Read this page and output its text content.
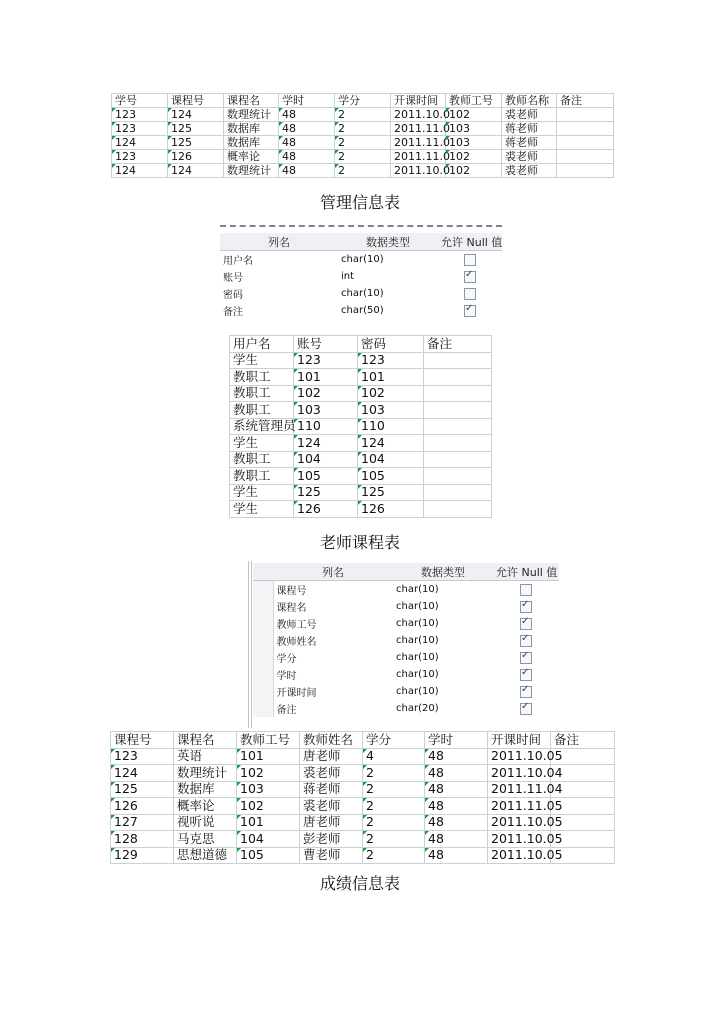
学号	课程号	课程名	学时	学分	开课时间	教师工号	教师名称	备注
123	124	数理统计	48	2	2011.10.0	102	裘老师	
123	125	数据库	48	2	2011.11.0	103	蒋老师	
124	125	数据库	48	2	2011.11.0	103	蒋老师	
123	126	概率论	48	2	2011.11.0	102	裘老师	
124	124	数理统计	48	2	2011.10.0	102	裘老师	
管理信息表
列名	数据类型	允许 Null 值
用户名	char(10)	
账号	int	✓
密码	char(10)	
备注	char(50)	✓
用户名	账号	密码	备注
学生	123	123	
教职工	101	101	
教职工	102	102	
教职工	103	103	
系统管理员	110	110	
学生	124	124	
教职工	104	104	
教职工	105	105	
学生	125	125	
学生	126	126	
老师课程表
	列名	数据类型	允许 Null 值
	课程号	char(10)	
	课程名	char(10)	✓
	教师工号	char(10)	✓
	教师姓名	char(10)	✓
	学分	char(10)	✓
	学时	char(10)	✓
	开课时间	char(10)	✓
	备注	char(20)	✓
课程号	课程名	教师工号	教师姓名	学分	学时	开课时间	备注
123	英语	101	唐老师	4	48	2011.10.05	
124	数理统计	102	裘老师	2	48	2011.10.04	
125	数据库	103	蒋老师	2	48	2011.11.04	
126	概率论	102	裘老师	2	48	2011.11.05	
127	视听说	101	唐老师	2	48	2011.10.05	
128	马克思	104	彭老师	2	48	2011.10.05	
129	思想道德	105	曹老师	2	48	2011.10.05	
成绩信息表
